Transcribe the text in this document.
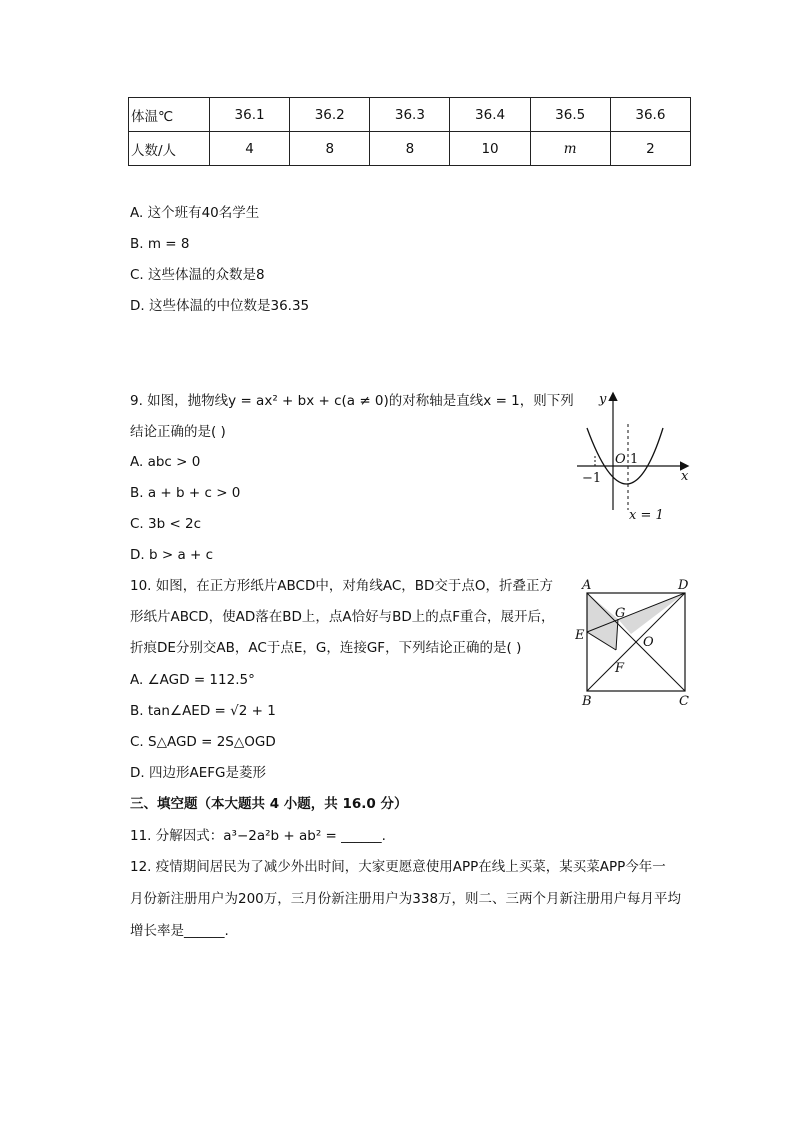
体温℃	36.1	36.2	36.3	36.4	36.5	36.6
人数/人	4	8	8	10	m	2
A. 这个班有40名学生
B. m = 8
C. 这些体温的众数是8
D. 这些体温的中位数是36.35
9. 如图，抛物线y = ax² + bx + c(a ≠ 0)的对称轴是直线x = 1，则下列
结论正确的是( )
A. abc > 0
B. a + b + c > 0
C. 3b < 2c
D. b > a + c
y
x
O 1
−1
x = 1
10. 如图，在正方形纸片ABCD中，对角线AC，BD交于点O，折叠正方
形纸片ABCD，使AD落在BD上，点A恰好与BD上的点F重合，展开后，
折痕DE分别交AB，AC于点E，G，连接GF，下列结论正确的是( )
A. ∠AGD = 112.5°
B. tan∠AED = √2 + 1
C. S△AGD = 2S△OGD
D. 四边形AEFG是菱形
A	D
B	C
E
G
O
F
三、填空题（本大题共 4 小题，共 16.0 分）
11. 分解因式：a³−2a²b + ab² = ______.
12. 疫情期间居民为了减少外出时间，大家更愿意使用APP在线上买菜，某买菜APP今年一
月份新注册用户为200万，三月份新注册用户为338万，则二、三两个月新注册用户每月平均
增长率是______.
